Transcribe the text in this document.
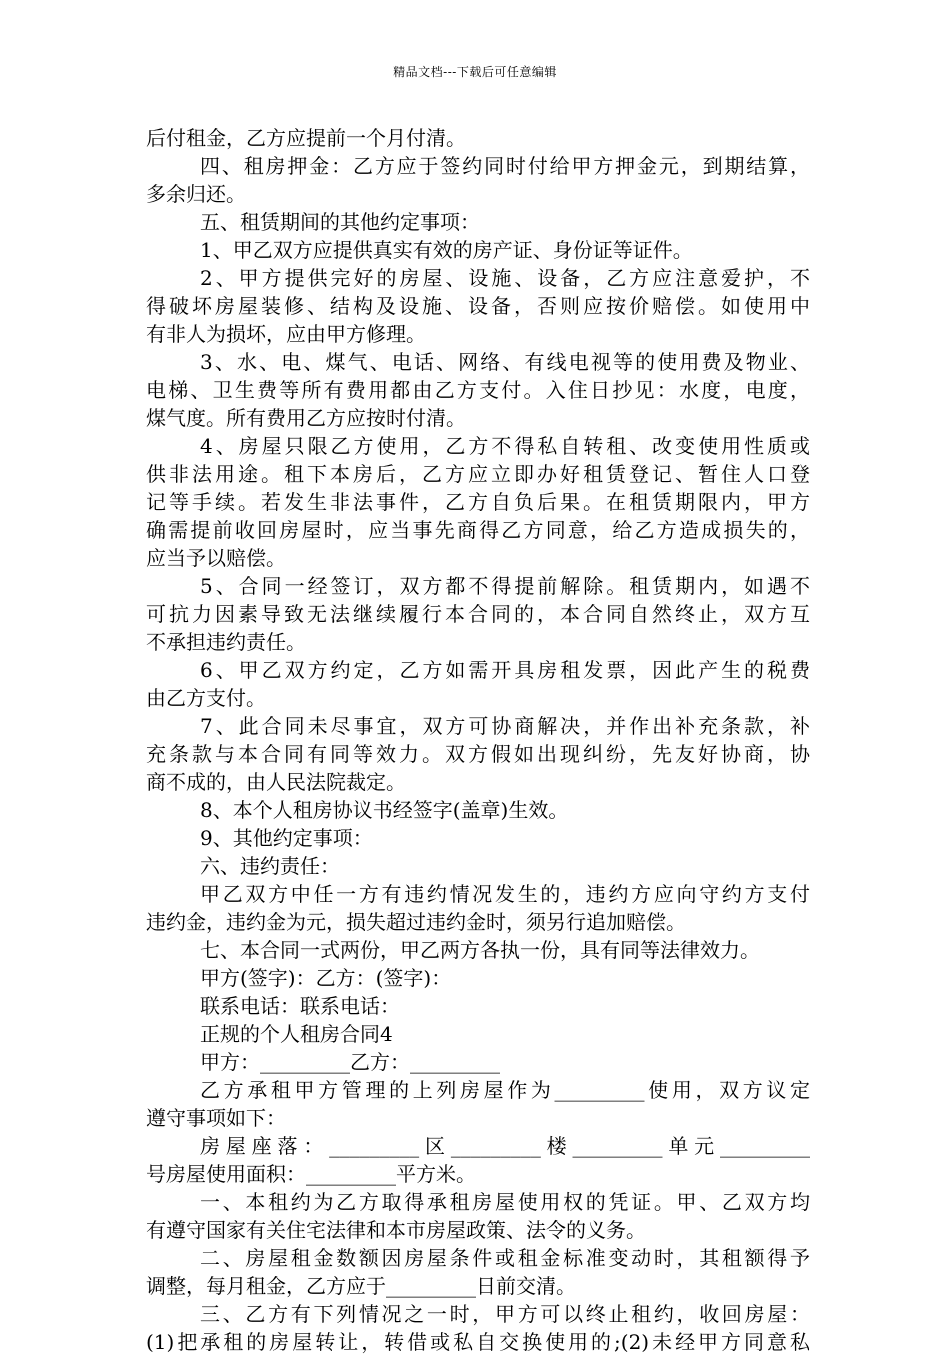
精品文档---下载后可任意编辑
后付租金，乙方应提前一个月付清。
四、租房押金：乙方应于签约同时付给甲方押金元，到期结算，
多余归还。
五、租赁期间的其他约定事项：
1、甲乙双方应提供真实有效的房产证、身份证等证件。
2、甲方提供完好的房屋、设施、设备，乙方应注意爱护，不
得破坏房屋装修、结构及设施、设备，否则应按价赔偿。如使用中
有非人为损坏，应由甲方修理。
3、水、电、煤气、电话、网络、有线电视等的使用费及物业、
电梯、卫生费等所有费用都由乙方支付。入住日抄见：水度，电度，
煤气度。所有费用乙方应按时付清。
4、房屋只限乙方使用，乙方不得私自转租、改变使用性质或
供非法用途。租下本房后，乙方应立即办好租赁登记、暂住人口登
记等手续。若发生非法事件，乙方自负后果。在租赁期限内，甲方
确需提前收回房屋时，应当事先商得乙方同意，给乙方造成损失的，
应当予以赔偿。
5、合同一经签订，双方都不得提前解除。租赁期内，如遇不
可抗力因素导致无法继续履行本合同的，本合同自然终止，双方互
不承担违约责任。
6、甲乙双方约定，乙方如需开具房租发票，因此产生的税费
由乙方支付。
7、此合同未尽事宜，双方可协商解决，并作出补充条款，补
充条款与本合同有同等效力。双方假如出现纠纷，先友好协商，协
商不成的，由人民法院裁定。
8、本个人租房协议书经签字(盖章)生效。
9、其他约定事项：
六、违约责任：
甲乙双方中任一方有违约情况发生的，违约方应向守约方支付
违约金，违约金为元，损失超过违约金时，须另行追加赔偿。
七、本合同一式两份，甲乙两方各执一份，具有同等法律效力。
甲方(签字)：乙方：(签字)：
联系电话：联系电话：
正规的个人租房合同4
甲方：_________乙方：_________
乙方承租甲方管理的上列房屋作为_________使用，双方议定
遵守事项如下：
房屋座落：_________区_________楼_________单元_________
号房屋使用面积：_________平方米。
一、本租约为乙方取得承租房屋使用权的凭证。甲、乙双方均
有遵守国家有关住宅法律和本市房屋政策、法令的义务。
二、房屋租金数额因房屋条件或租金标准变动时，其租额得予
调整，每月租金，乙方应于_________日前交清。
三、乙方有下列情况之一时，甲方可以终止租约，收回房屋：
(1)把承租的房屋转让，转借或私自交换使用的;(2)未经甲方同意私
